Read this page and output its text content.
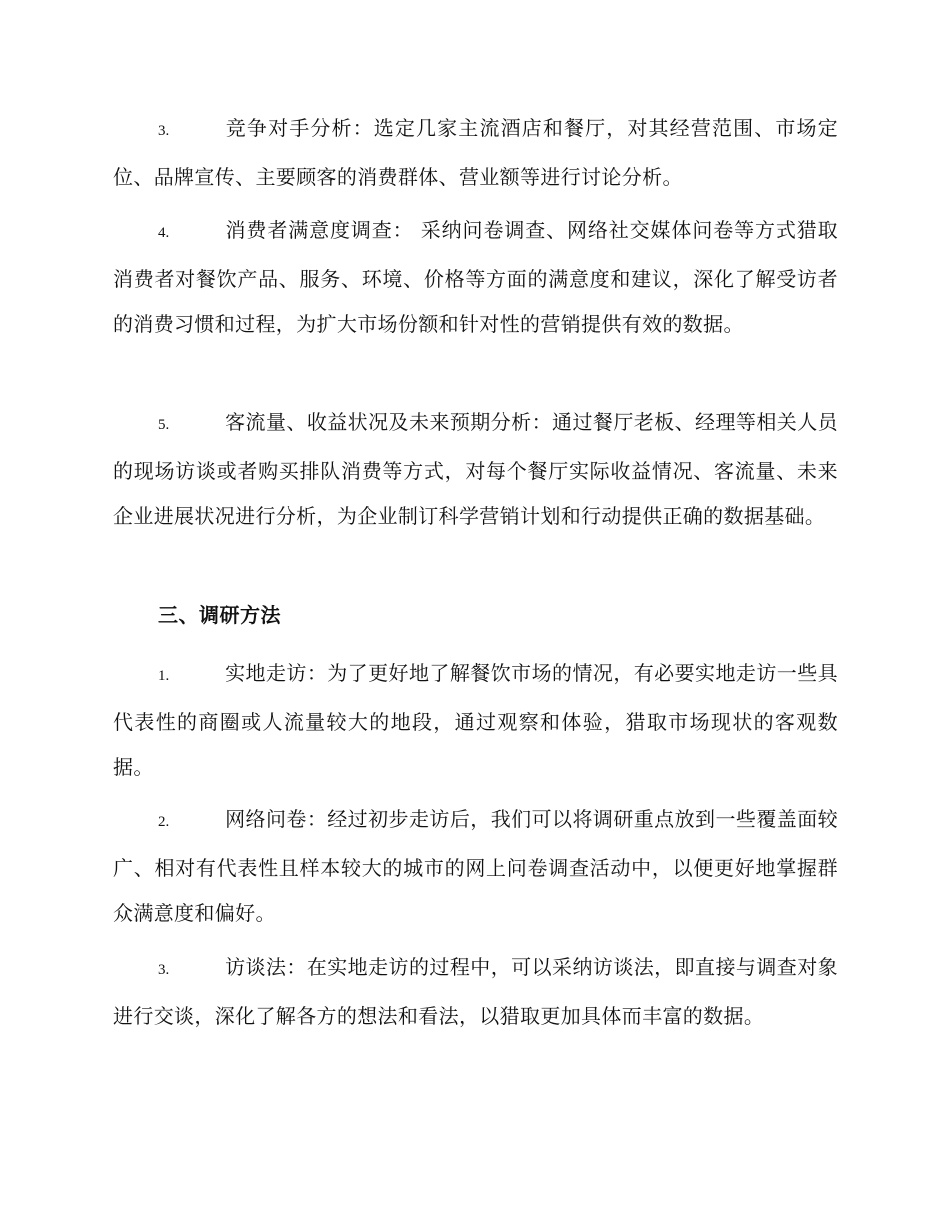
3.	竞争对手分析：选定几家主流酒店和餐厅，对其经营范围、市场定位、品牌宣传、主要顾客的消费群体、营业额等进行讨论分析。

4.	消费者满意度调查： 采纳问卷调查、网络社交媒体问卷等方式猎取消费者对餐饮产品、服务、环境、价格等方面的满意度和建议，深化了解受访者的消费习惯和过程，为扩大市场份额和针对性的营销提供有效的数据。

5.	客流量、收益状况及未来预期分析：通过餐厅老板、经理等相关人员的现场访谈或者购买排队消费等方式，对每个餐厅实际收益情况、客流量、未来企业进展状况进行分析，为企业制订科学营销计划和行动提供正确的数据基础。

三、调研方法

1.	实地走访：为了更好地了解餐饮市场的情况，有必要实地走访一些具代表性的商圈或人流量较大的地段，通过观察和体验，猎取市场现状的客观数据。

2.	网络问卷：经过初步走访后，我们可以将调研重点放到一些覆盖面较广、相对有代表性且样本较大的城市的网上问卷调查活动中，以便更好地掌握群众满意度和偏好。

3.	访谈法：在实地走访的过程中，可以采纳访谈法，即直接与调查对象进行交谈，深化了解各方的想法和看法，以猎取更加具体而丰富的数据。
